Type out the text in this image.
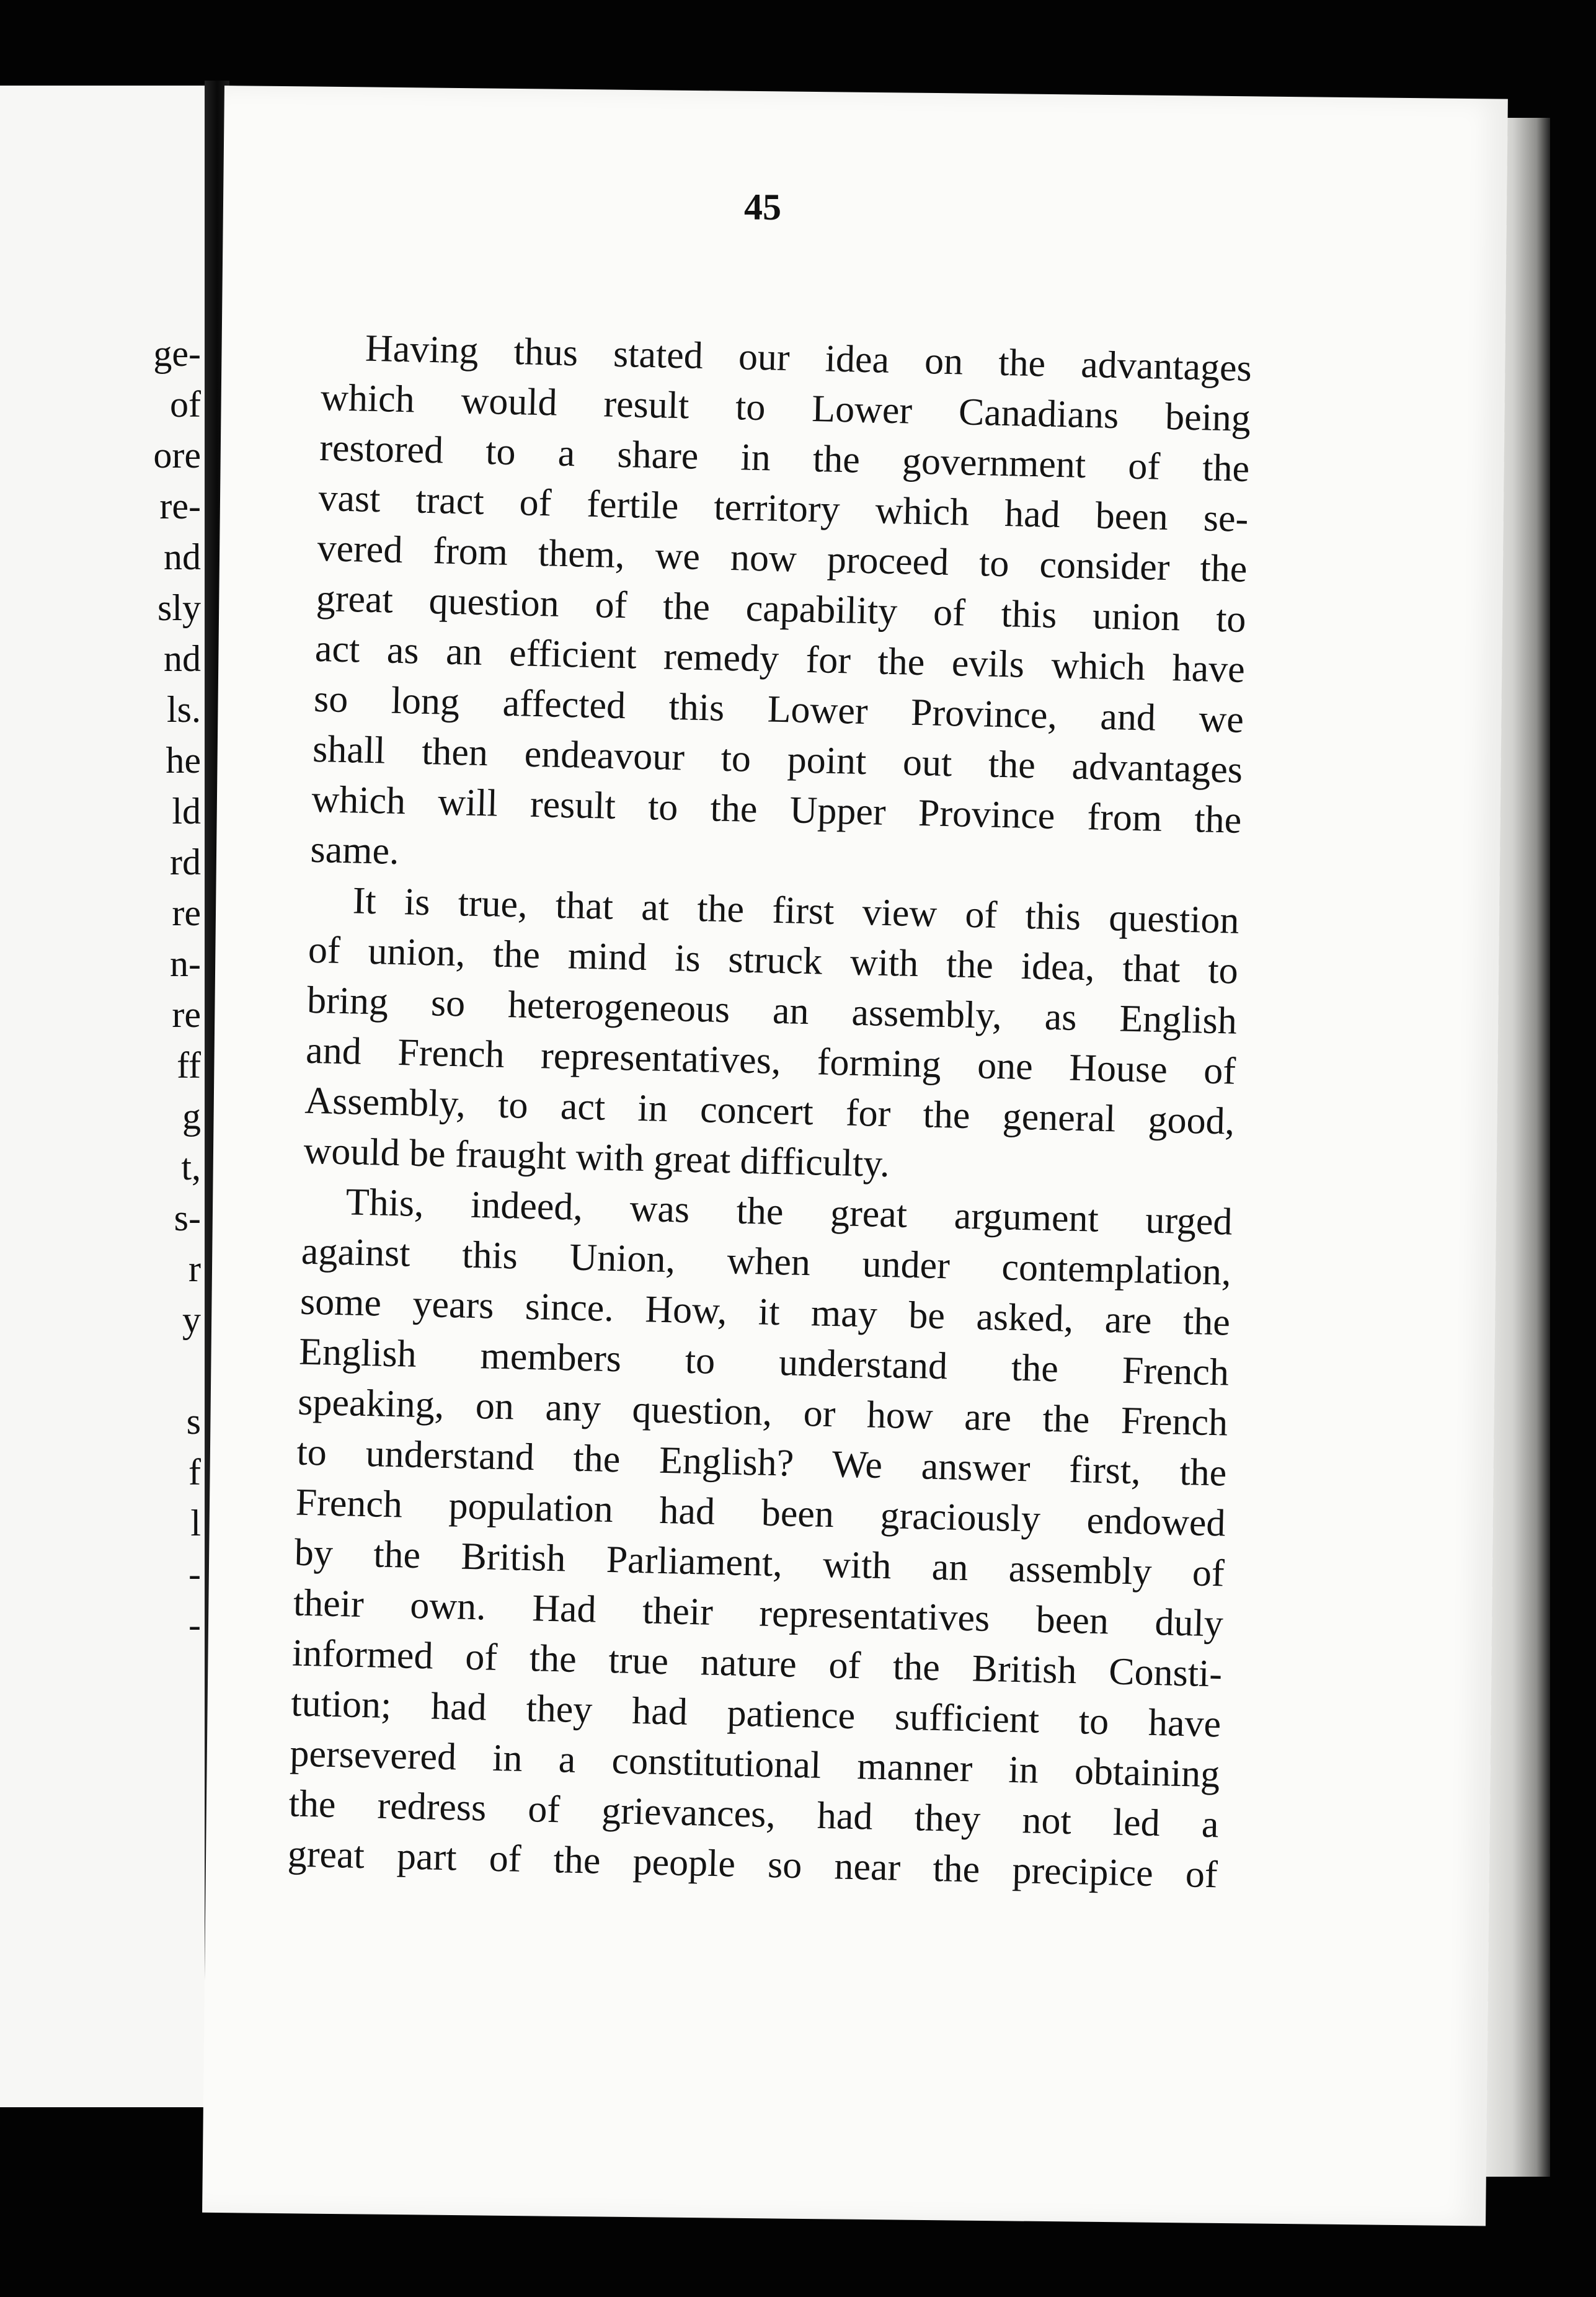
ge-
of
ore
re-
nd
sly
nd
ls.
he
ld
rd
re
n-
re
ff
g
t,
s-
r
y
s
f
l
-
-
45
Having thus stated our idea on the advantages
which would result to Lower Canadians being
restored to a share in the government of the
vast tract of fertile territory which had been se-
vered from them, we now proceed to consider the
great question of the capability of this union to
act as an efficient remedy for the evils which have
so long affected this Lower Province, and we
shall then endeavour to point out the advantages
which will result to the Upper Province from the
same.
It is true, that at the first view of this question
of union, the mind is struck with the idea, that to
bring so heterogeneous an assembly, as English
and French representatives, forming one House of
Assembly, to act in concert for the general good,
would be fraught with great difficulty.
This, indeed, was the great argument urged
against this Union, when under contemplation,
some years since. How, it may be asked, are the
English members to understand the French
speaking, on any question, or how are the French
to understand the English? We answer first, the
French population had been graciously endowed
by the British Parliament, with an assembly of
their own. Had their representatives been duly
informed of the true nature of the British Consti-
tution; had they had patience sufficient to have
persevered in a constitutional manner in obtaining
the redress of grievances, had they not led a
great part of the people so near the precipice of
